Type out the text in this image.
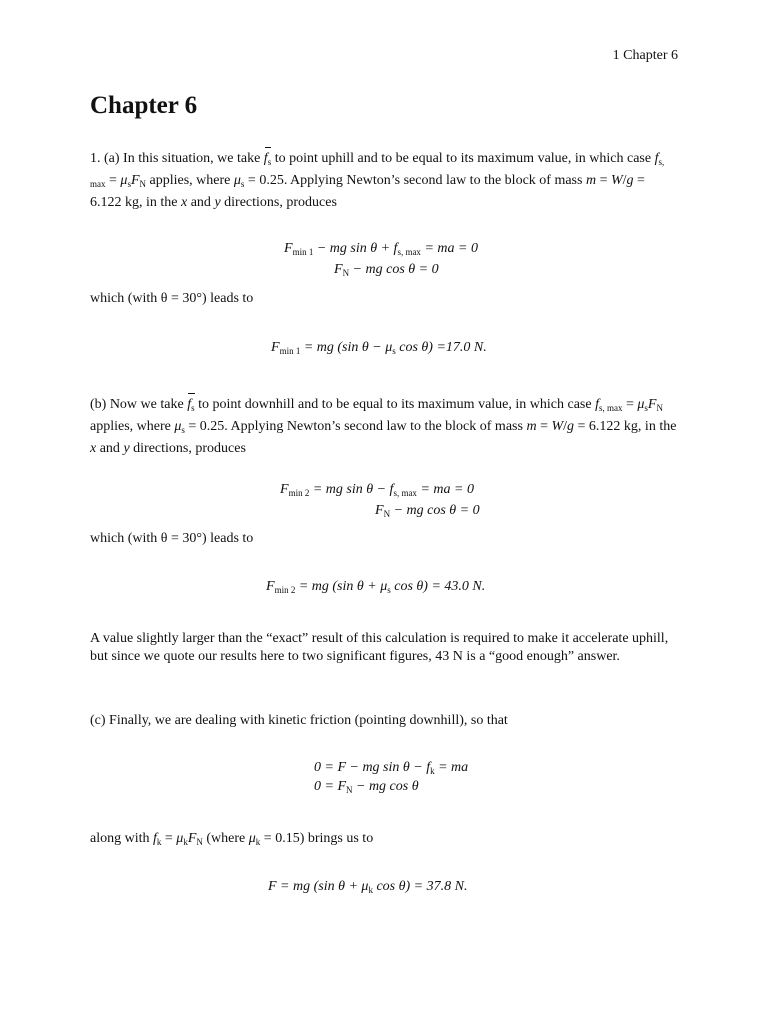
1 Chapter 6
Chapter 6

1. (a) In this situation, we take $f_s$ to point uphill and to be equal to its maximum value, in which case $f_{s, max} = \mu_sF_N$ applies, where $\mu_s = 0.25$. Applying Newton’s second law to the block of mass m = W/g = 6.122 kg, in the x and y directions, produces

$F_{min 1}$ − mg $\sin \theta + f_{s, max}$ = ma = 0
$F_N$ − mg cos θ = 0

which (with θ = 30°) leads to

$F_{min 1}$ = mg (sin $\theta - \mu_s$ cos θ) =17.0 N.

(b) Now we take $f_s$ to point downhill and to be equal to its maximum value, in which case $f_{s, max} = \mu_sF_N$ applies, where $\mu_s = 0.25$. Applying Newton’s second law to the block of mass m = W/g = 6.122 kg, in the x and y directions, produces

$F_{min 2}$ = mg $\sin \theta - f_{s, max}$ = ma = 0
$F_N$ − mg cos θ = 0

which (with θ = 30°) leads to

$F_{min 2}$ = mg (sin $\theta + \mu_s$ cos θ) = 43.0 N.

A value slightly larger than the “exact” result of this calculation is required to make it accelerate uphill, but since we quote our results here to two significant figures, 43 N is a “good enough” answer.

(c) Finally, we are dealing with kinetic friction (pointing downhill), so that

0 = F − mg $\sin \theta - f_k$ = ma
$0 = F_N$ − mg cos θ

along with $f_k = \mu_kF_N$ (where $\mu_k = 0.15$) brings us to

F = mg (sin $\theta + \mu_k$ cos θ) = 37.8 N.
